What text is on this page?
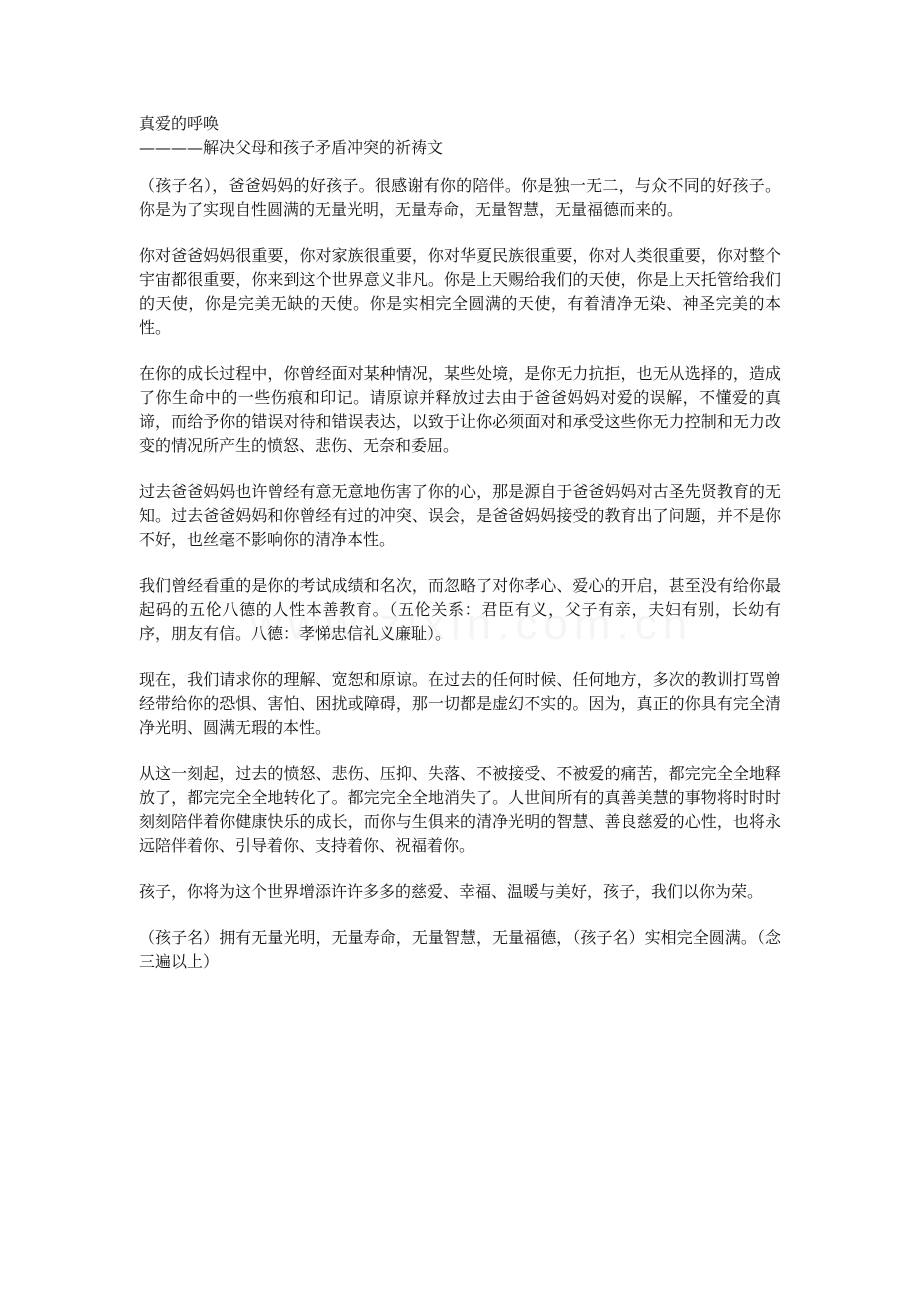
真爱的呼唤
————解决父母和孩子矛盾冲突的祈祷文

（孩子名），爸爸妈妈的好孩子。很感谢有你的陪伴。你是独一无二，与众不同的好孩子。你是为了实现自性圆满的无量光明，无量寿命，无量智慧，无量福德而来的。

你对爸爸妈妈很重要，你对家族很重要，你对华夏民族很重要，你对人类很重要，你对整个宇宙都很重要，你来到这个世界意义非凡。你是上天赐给我们的天使，你是上天托管给我们的天使，你是完美无缺的天使。你是实相完全圆满的天使，有着清净无染、神圣完美的本性。

在你的成长过程中，你曾经面对某种情况，某些处境，是你无力抗拒，也无从选择的，造成了你生命中的一些伤痕和印记。请原谅并释放过去由于爸爸妈妈对爱的误解，不懂爱的真谛，而给予你的错误对待和错误表达，以致于让你必须面对和承受这些你无力控制和无力改变的情况所产生的愤怒、悲伤、无奈和委屈。

过去爸爸妈妈也许曾经有意无意地伤害了你的心，那是源自于爸爸妈妈对古圣先贤教育的无知。过去爸爸妈妈和你曾经有过的冲突、误会，是爸爸妈妈接受的教育出了问题，并不是你不好，也丝毫不影响你的清净本性。

我们曾经看重的是你的考试成绩和名次，而忽略了对你孝心、爱心的开启，甚至没有给你最起码的五伦八德的人性本善教育。（五伦关系：君臣有义，父子有亲，夫妇有别，长幼有序，朋友有信。八德：孝悌忠信礼义廉耻）。

现在，我们请求你的理解、宽恕和原谅。在过去的任何时候、任何地方，多次的教训打骂曾经带给你的恐惧、害怕、困扰或障碍，那一切都是虚幻不实的。因为，真正的你具有完全清净光明、圆满无瑕的本性。

从这一刻起，过去的愤怒、悲伤、压抑、失落、不被接受、不被爱的痛苦，都完完全全地释放了，都完完全全地转化了。都完完全全地消失了。人世间所有的真善美慧的事物将时时时刻刻陪伴着你健康快乐的成长，而你与生俱来的清净光明的智慧、善良慈爱的心性，也将永远陪伴着你、引导着你、支持着你、祝福着你。

孩子，你将为这个世界增添许许多多的慈爱、幸福、温暖与美好，孩子，我们以你为荣。

（孩子名）拥有无量光明，无量寿命，无量智慧，无量福德，（孩子名）实相完全圆满。（念三遍以上）
